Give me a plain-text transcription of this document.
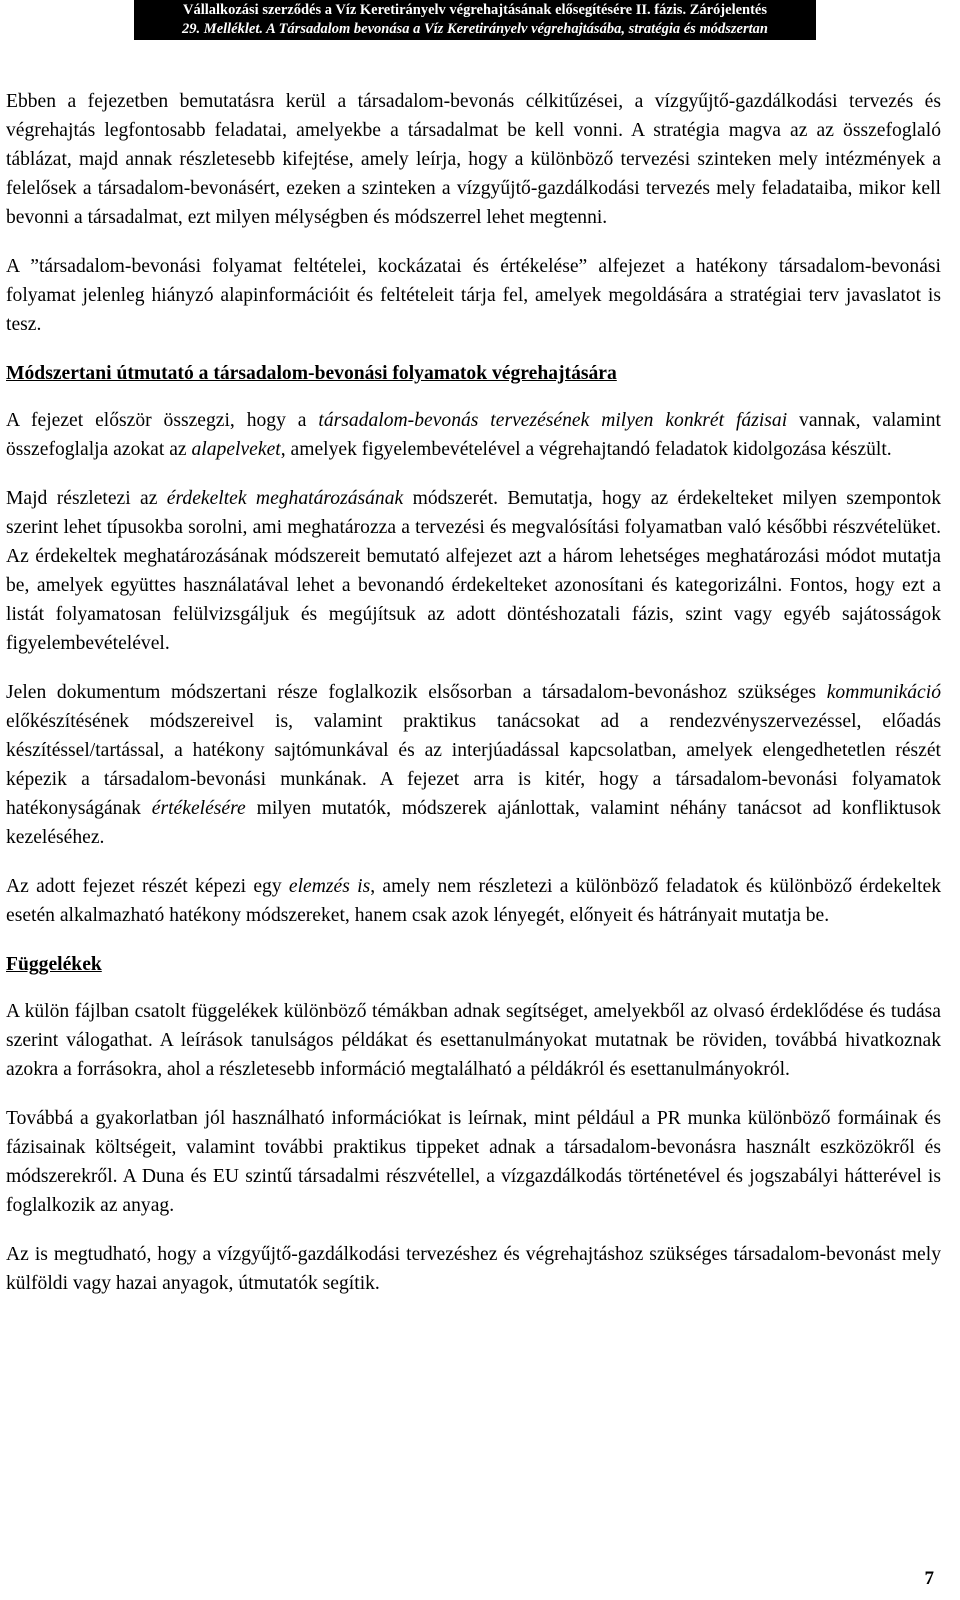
Vállalkozási szerződés a Víz Keretirányelv végrehajtásának elősegítésére II. fázis. Zárójelentés
29. Melléklet. A Társadalom bevonása a Víz Keretirányelv végrehajtásába, stratégia és módszertan

Ebben a fejezetben bemutatásra kerül a társadalom-bevonás célkitűzései, a vízgyűjtő-gazdálkodási tervezés és végrehajtás legfontosabb feladatai, amelyekbe a társadalmat be kell vonni. A stratégia magva az az összefoglaló táblázat, majd annak részletesebb kifejtése, amely leírja, hogy a különböző tervezési szinteken mely intézmények a felelősek a társadalom-bevonásért, ezeken a szinteken a vízgyűjtő-gazdálkodási tervezés mely feladataiba, mikor kell bevonni a társadalmat, ezt milyen mélységben és módszerrel lehet megtenni.

A ”társadalom-bevonási folyamat feltételei, kockázatai és értékelése” alfejezet a hatékony társadalom-bevonási folyamat jelenleg hiányzó alapinformációit és feltételeit tárja fel, amelyek megoldására a stratégiai terv javaslatot is tesz.

Módszertani útmutató a társadalom-bevonási folyamatok végrehajtására

A fejezet először összegzi, hogy a társadalom-bevonás tervezésének milyen konkrét fázisai vannak, valamint összefoglalja azokat az alapelveket, amelyek figyelembevételével a végrehajtandó feladatok kidolgozása készült.

Majd részletezi az érdekeltek meghatározásának módszerét. Bemutatja, hogy az érdekelteket milyen szempontok szerint lehet típusokba sorolni, ami meghatározza a tervezési és megvalósítási folyamatban való későbbi részvételüket. Az érdekeltek meghatározásának módszereit bemutató alfejezet azt a három lehetséges meghatározási módot mutatja be, amelyek együttes használatával lehet a bevonandó érdekelteket azonosítani és kategorizálni. Fontos, hogy ezt a listát folyamatosan felülvizsgáljuk és megújítsuk az adott döntéshozatali fázis, szint vagy egyéb sajátosságok figyelembevételével.

Jelen dokumentum módszertani része foglalkozik elsősorban a társadalom-bevonáshoz szükséges kommunikáció előkészítésének módszereivel is, valamint praktikus tanácsokat ad a rendezvényszervezéssel, előadás készítéssel/tartással, a hatékony sajtómunkával és az interjúadással kapcsolatban, amelyek elengedhetetlen részét képezik a társadalom-bevonási munkának. A fejezet arra is kitér, hogy a társadalom-bevonási folyamatok hatékonyságának értékelésére milyen mutatók, módszerek ajánlottak, valamint néhány tanácsot ad konfliktusok kezeléséhez.

Az adott fejezet részét képezi egy elemzés is, amely nem részletezi a különböző feladatok és különböző érdekeltek esetén alkalmazható hatékony módszereket, hanem csak azok lényegét, előnyeit és hátrányait mutatja be.

Függelékek

A külön fájlban csatolt függelékek különböző témákban adnak segítséget, amelyekből az olvasó érdeklődése és tudása szerint válogathat. A leírások tanulságos példákat és esettanulmányokat mutatnak be röviden, továbbá hivatkoznak azokra a forrásokra, ahol a részletesebb információ megtalálható a példákról és esettanulmányokról.

Továbbá a gyakorlatban jól használható információkat is leírnak, mint például a PR munka különböző formáinak és fázisainak költségeit, valamint további praktikus tippeket adnak a társadalom-bevonásra használt eszközökről és módszerekről. A Duna és EU szintű társadalmi részvétellel, a vízgazdálkodás történetével és jogszabályi hátterével is foglalkozik az anyag.

Az is megtudható, hogy a vízgyűjtő-gazdálkodási tervezéshez és végrehajtáshoz szükséges társadalom-bevonást mely külföldi vagy hazai anyagok, útmutatók segítik.

7
